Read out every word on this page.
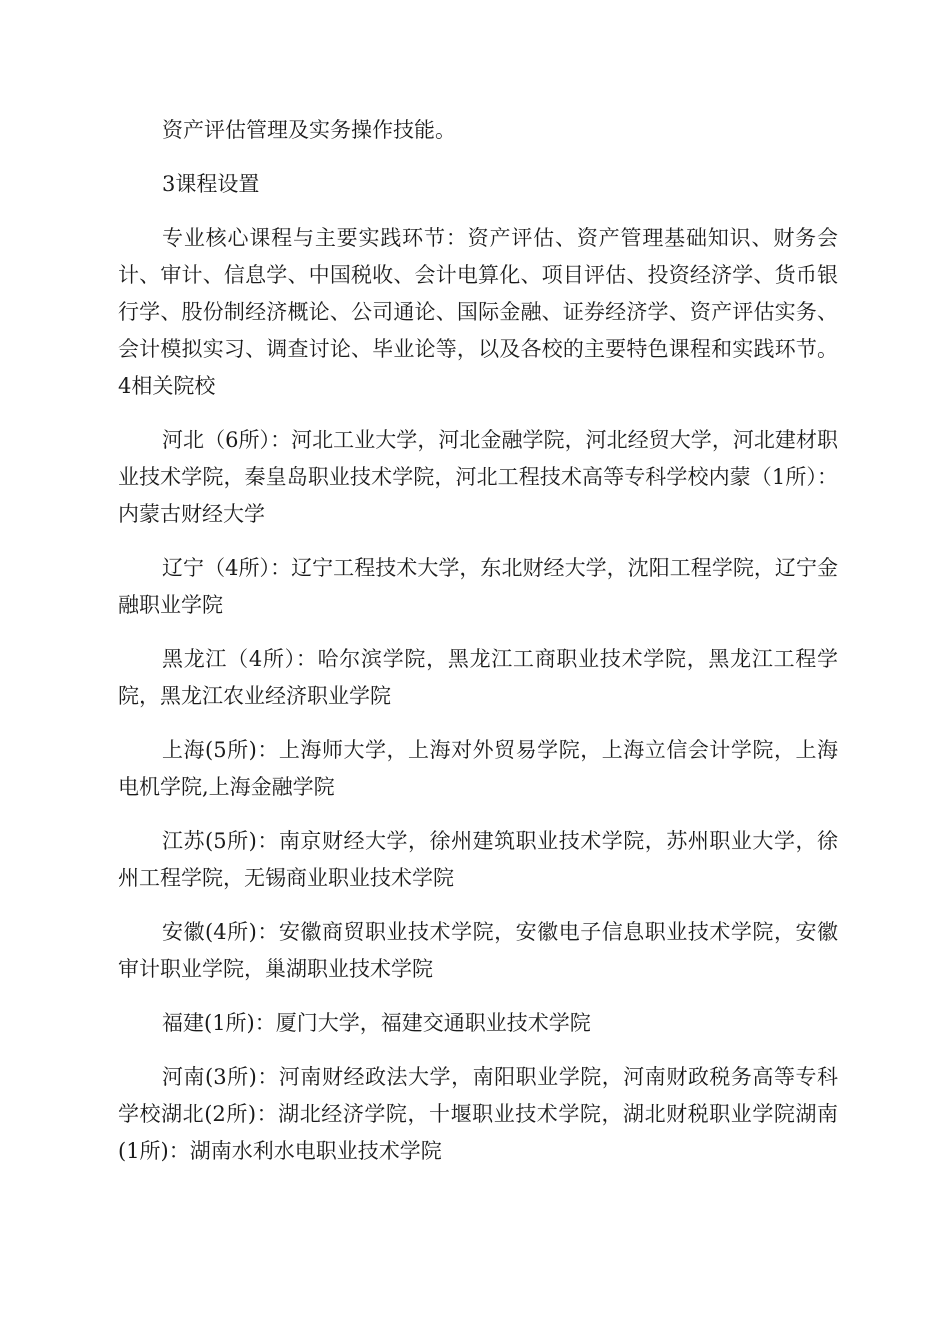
资产评估管理及实务操作技能。

3课程设置

专业核心课程与主要实践环节：资产评估、资产管理基础知识、财务会计、审计、信息学、中国税收、会计电算化、项目评估、投资经济学、货币银行学、股份制经济概论、公司通论、国际金融、证券经济学、资产评估实务、会计模拟实习、调查讨论、毕业论等，以及各校的主要特色课程和实践环节。4相关院校

河北（6所）：河北工业大学，河北金融学院，河北经贸大学，河北建材职业技术学院，秦皇岛职业技术学院，河北工程技术高等专科学校内蒙（1所）：内蒙古财经大学

辽宁（4所）：辽宁工程技术大学，东北财经大学，沈阳工程学院，辽宁金融职业学院

黑龙江（4所）：哈尔滨学院，黑龙江工商职业技术学院，黑龙江工程学院，黑龙江农业经济职业学院

上海(5所)：上海师大学，上海对外贸易学院，上海立信会计学院，上海电机学院,上海金融学院

江苏(5所)：南京财经大学，徐州建筑职业技术学院，苏州职业大学，徐州工程学院，无锡商业职业技术学院

安徽(4所)：安徽商贸职业技术学院，安徽电子信息职业技术学院，安徽审计职业学院，巢湖职业技术学院

福建(1所)：厦门大学，福建交通职业技术学院

河南(3所)：河南财经政法大学，南阳职业学院，河南财政税务高等专科学校湖北(2所)：湖北经济学院，十堰职业技术学院，湖北财税职业学院湖南(1所)：湖南水利水电职业技术学院
